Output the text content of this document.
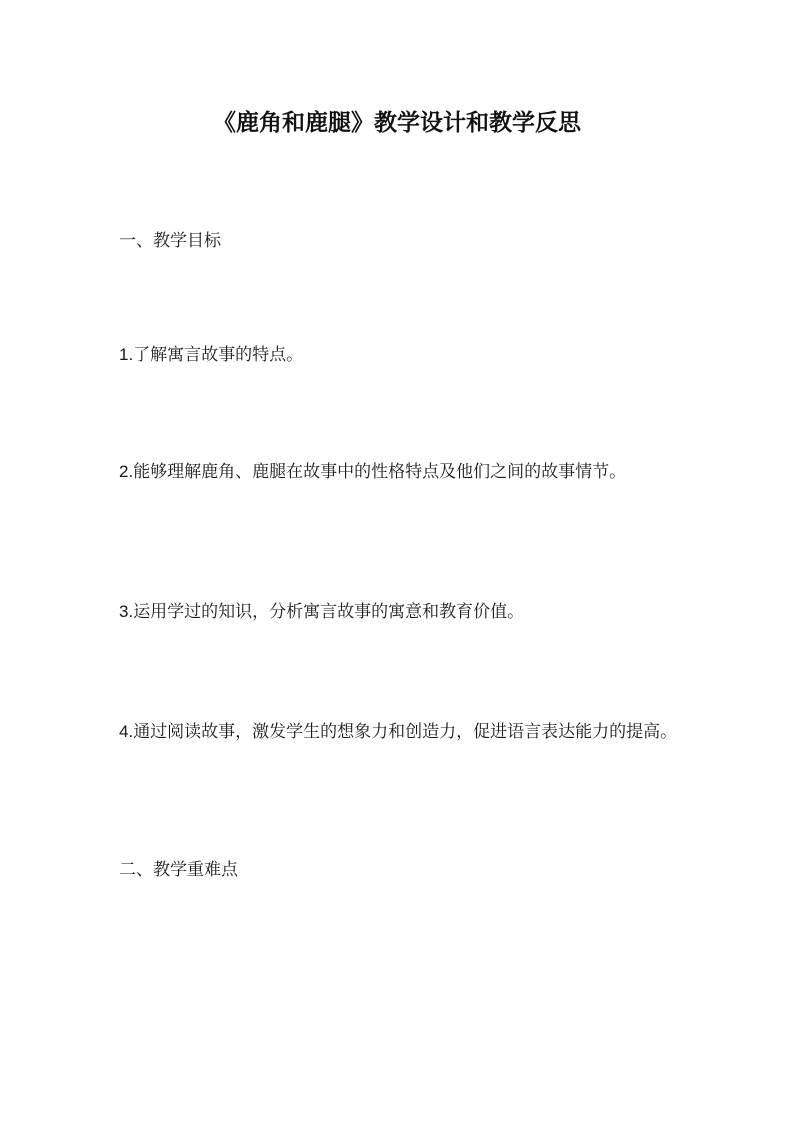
《鹿角和鹿腿》教学设计和教学反思

一、教学目标

1.了解寓言故事的特点。

2.能够理解鹿角、鹿腿在故事中的性格特点及他们之间的故事情节。

3.运用学过的知识，分析寓言故事的寓意和教育价值。

4.通过阅读故事，激发学生的想象力和创造力，促进语言表达能力的提高。

二、教学重难点
